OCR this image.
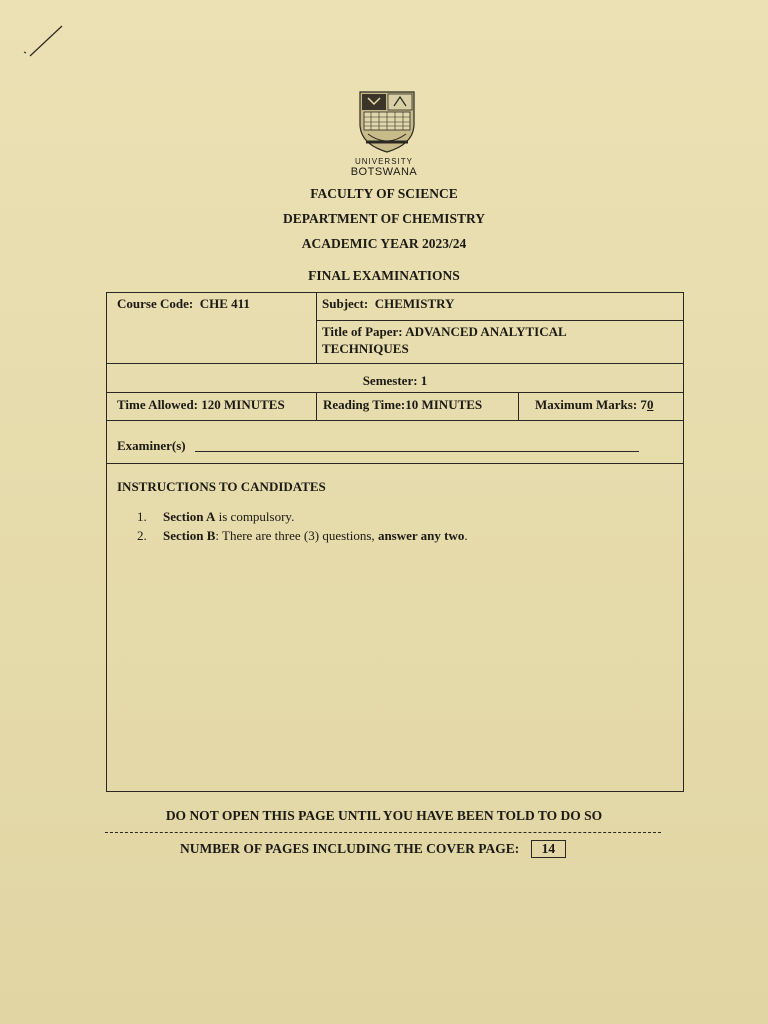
UNIVERSITY
BOTSWANA
FACULTY OF SCIENCE
DEPARTMENT OF CHEMISTRY
ACADEMIC YEAR 2023/24
FINAL EXAMINATIONS
Course Code: CHE 411	Subject: CHEMISTRY
Title of Paper: ADVANCED ANALYTICAL
TECHNIQUES
Semester: 1
Time Allowed: 120 MINUTES	Reading Time:10 MINUTES	Maximum Marks: 70
Examiner(s)
INSTRUCTIONS TO CANDIDATES
1. Section A is compulsory.
2. Section B: There are three (3) questions, answer any two.
DO NOT OPEN THIS PAGE UNTIL YOU HAVE BEEN TOLD TO DO SO
NUMBER OF PAGES INCLUDING THE COVER PAGE: 14
